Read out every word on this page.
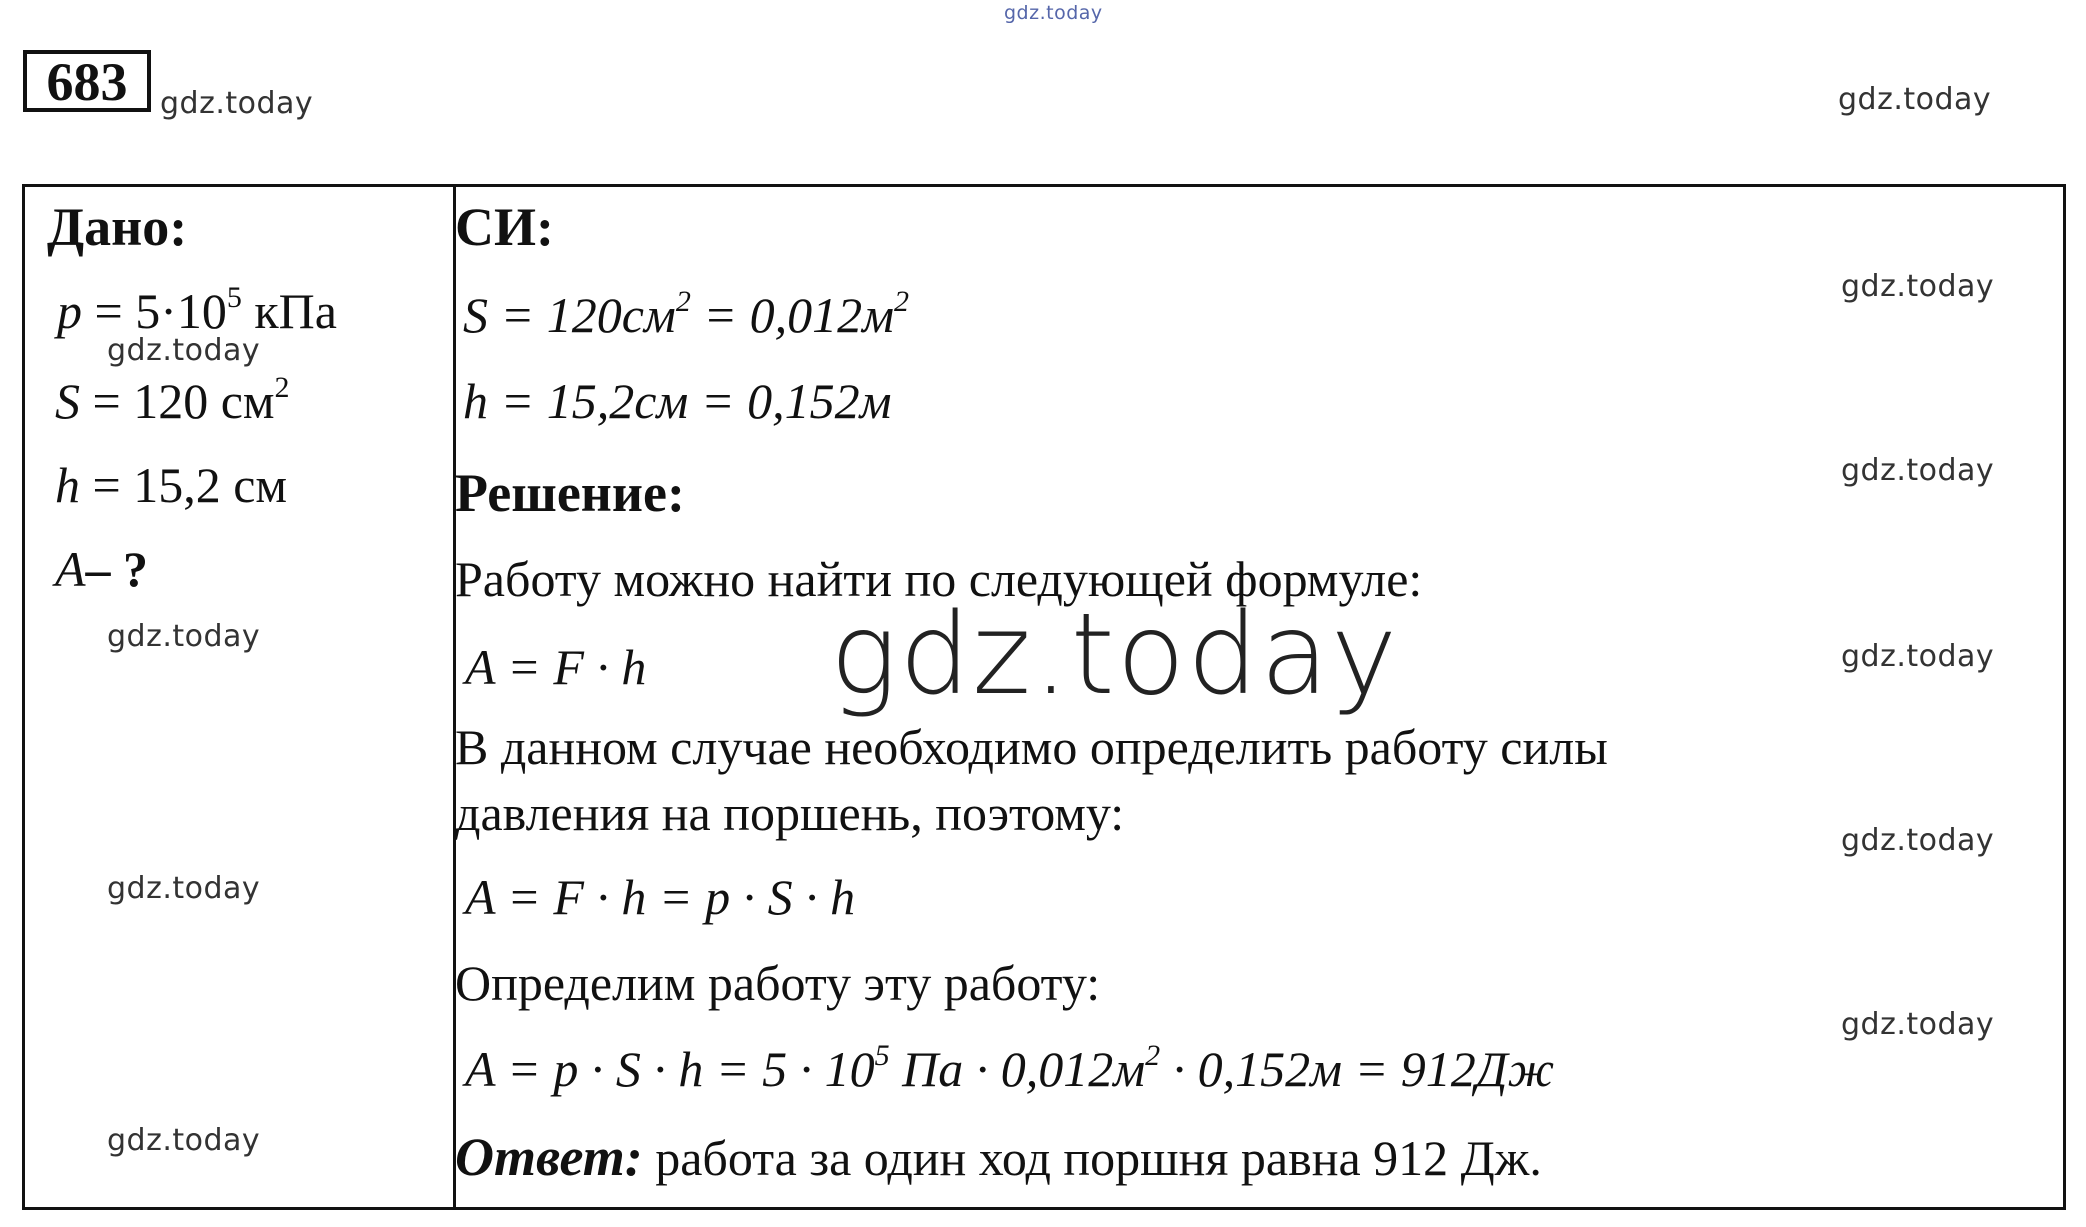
gdz.today
683	gdz.today	gdz.today
Дано:
$p = 5\cdot 10^5$ кПа
gdz.today
S = 120 $см^2$
h = 15,2 см
A– ?
gdz.today
gdz.today
gdz.today
СИ:
$S = 120см^2 = 0,012м^2$
h = 15,2см = 0,152м
Решение:
Работу можно найти по следующей формуле:
A = F · h
В данном случае необходимо определить работу силы
давления на поршень, поэтому:
A = F · h = p · S · h
Определим работу эту работу:
$A = p \cdot S \cdot h = 5 \cdot 10^5$ Па · $0,012м^2 \cdot 0,152м = 912Дж$
Ответ: работа за один ход поршня равна 912 Дж.
gdz.today
gdz.today
gdz.today
gdz.today
gdz.today
gdz.today
